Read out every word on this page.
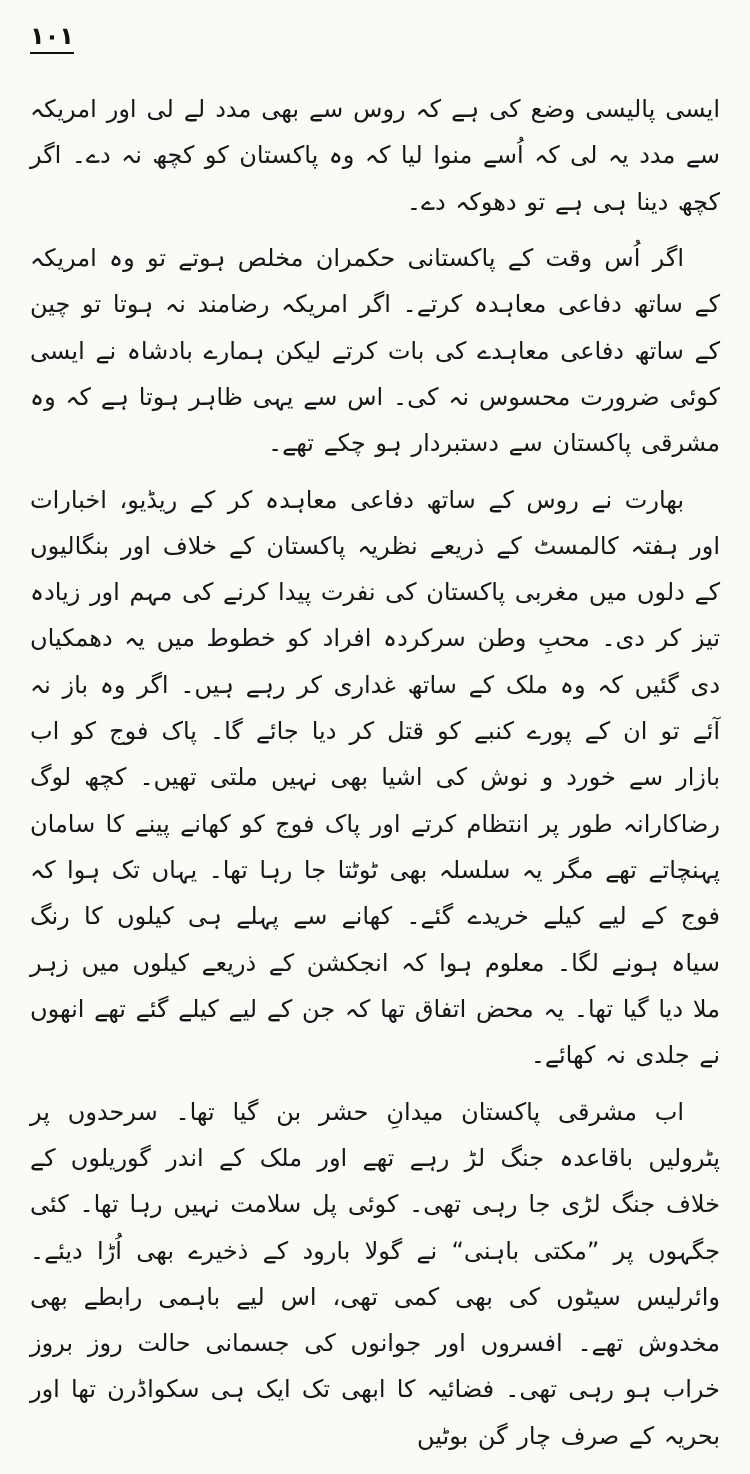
۱۰۱

ایسی پالیسی وضع کی ہے کہ روس سے بھی مدد لے لی اور امریکہ سے مدد یہ لی کہ اُسے منوا لیا کہ وہ پاکستان کو کچھ نہ دے۔ اگر کچھ دینا ہی ہے تو دھوکہ دے۔

اگر اُس وقت کے پاکستانی حکمران مخلص ہوتے تو وہ امریکہ کے ساتھ دفاعی معاہدہ کرتے۔ اگر امریکہ رضامند نہ ہوتا تو چین کے ساتھ دفاعی معاہدے کی بات کرتے لیکن ہمارے بادشاہ نے ایسی کوئی ضرورت محسوس نہ کی۔ اس سے یہی ظاہر ہوتا ہے کہ وہ مشرقی پاکستان سے دستبردار ہو چکے تھے۔

بھارت نے روس کے ساتھ دفاعی معاہدہ کر کے ریڈیو، اخبارات اور ہفتہ کالمسٹ کے ذریعے نظریہ پاکستان کے خلاف اور بنگالیوں کے دلوں میں مغربی پاکستان کی نفرت پیدا کرنے کی مہم اور زیادہ تیز کر دی۔ محبِ وطن سرکردہ افراد کو خطوط میں یہ دھمکیاں دی گئیں کہ وہ ملک کے ساتھ غداری کر رہے ہیں۔ اگر وہ باز نہ آئے تو ان کے پورے کنبے کو قتل کر دیا جائے گا۔ پاک فوج کو اب بازار سے خورد و نوش کی اشیا بھی نہیں ملتی تھیں۔ کچھ لوگ رضاکارانہ طور پر انتظام کرتے اور پاک فوج کو کھانے پینے کا سامان پہنچاتے تھے مگر یہ سلسلہ بھی ٹوٹتا جا رہا تھا۔ یہاں تک ہوا کہ فوج کے لیے کیلے خریدے گئے۔ کھانے سے پہلے ہی کیلوں کا رنگ سیاہ ہونے لگا۔ معلوم ہوا کہ انجکشن کے ذریعے کیلوں میں زہر ملا دیا گیا تھا۔ یہ محض اتفاق تھا کہ جن کے لیے کیلے گئے تھے انھوں نے جلدی نہ کھائے۔

اب مشرقی پاکستان میدانِ حشر بن گیا تھا۔ سرحدوں پر پٹرولیں باقاعدہ جنگ لڑ رہے تھے اور ملک کے اندر گوریلوں کے خلاف جنگ لڑی جا رہی تھی۔ کوئی پل سلامت نہیں رہا تھا۔ کئی جگہوں پر ”مکتی باہنی“ نے گولا بارود کے ذخیرے بھی اُڑا دیئے۔ وائرلیس سیٹوں کی بھی کمی تھی، اس لیے باہمی رابطے بھی مخدوش تھے۔ افسروں اور جوانوں کی جسمانی حالت روز بروز خراب ہو رہی تھی۔ فضائیہ کا ابھی تک ایک ہی سکواڈرن تھا اور بحریہ کے صرف چار گن بوٹیں
